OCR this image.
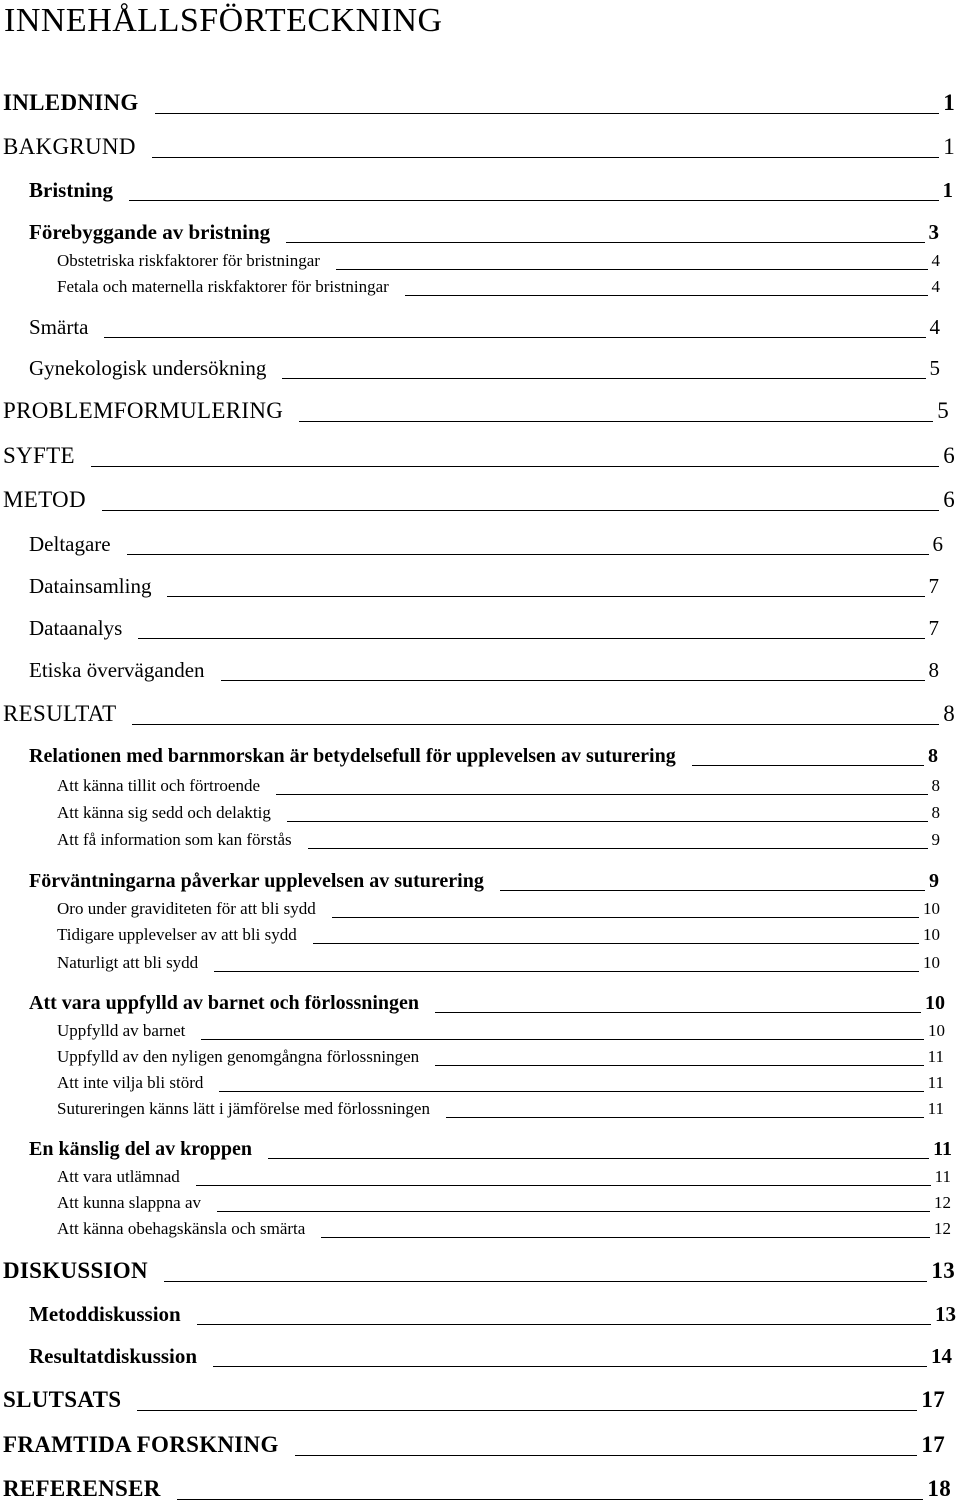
INNEHÅLLSFÖRTECKNING
INLEDNING	1
BAKGRUND	1
Bristning	1
Förebyggande av bristning	3
Obstetriska riskfaktorer för bristningar	4
Fetala och maternella riskfaktorer för bristningar	4
Smärta	4
Gynekologisk undersökning	5
PROBLEMFORMULERING	5
SYFTE	6
METOD	6
Deltagare	6
Datainsamling	7
Dataanalys	7
Etiska överväganden	8
RESULTAT	8
Relationen med barnmorskan är betydelsefull för upplevelsen av suturering	8
Att känna tillit och förtroende	8
Att känna sig sedd och delaktig	8
Att få information som kan förstås	9
Förväntningarna påverkar upplevelsen av suturering	9
Oro under graviditeten för att bli sydd	10
Tidigare upplevelser av att bli sydd	10
Naturligt att bli sydd	10
Att vara uppfylld av barnet och förlossningen	10
Uppfylld av barnet	10
Uppfylld av den nyligen genomgångna förlossningen	11
Att inte vilja bli störd	11
Sutureringen känns lätt i jämförelse med förlossningen	11
En känslig del av kroppen	11
Att vara utlämnad	11
Att kunna slappna av	12
Att känna obehagskänsla och smärta	12
DISKUSSION	13
Metoddiskussion	13
Resultatdiskussion	14
SLUTSATS	17
FRAMTIDA FORSKNING	17
REFERENSER	18
